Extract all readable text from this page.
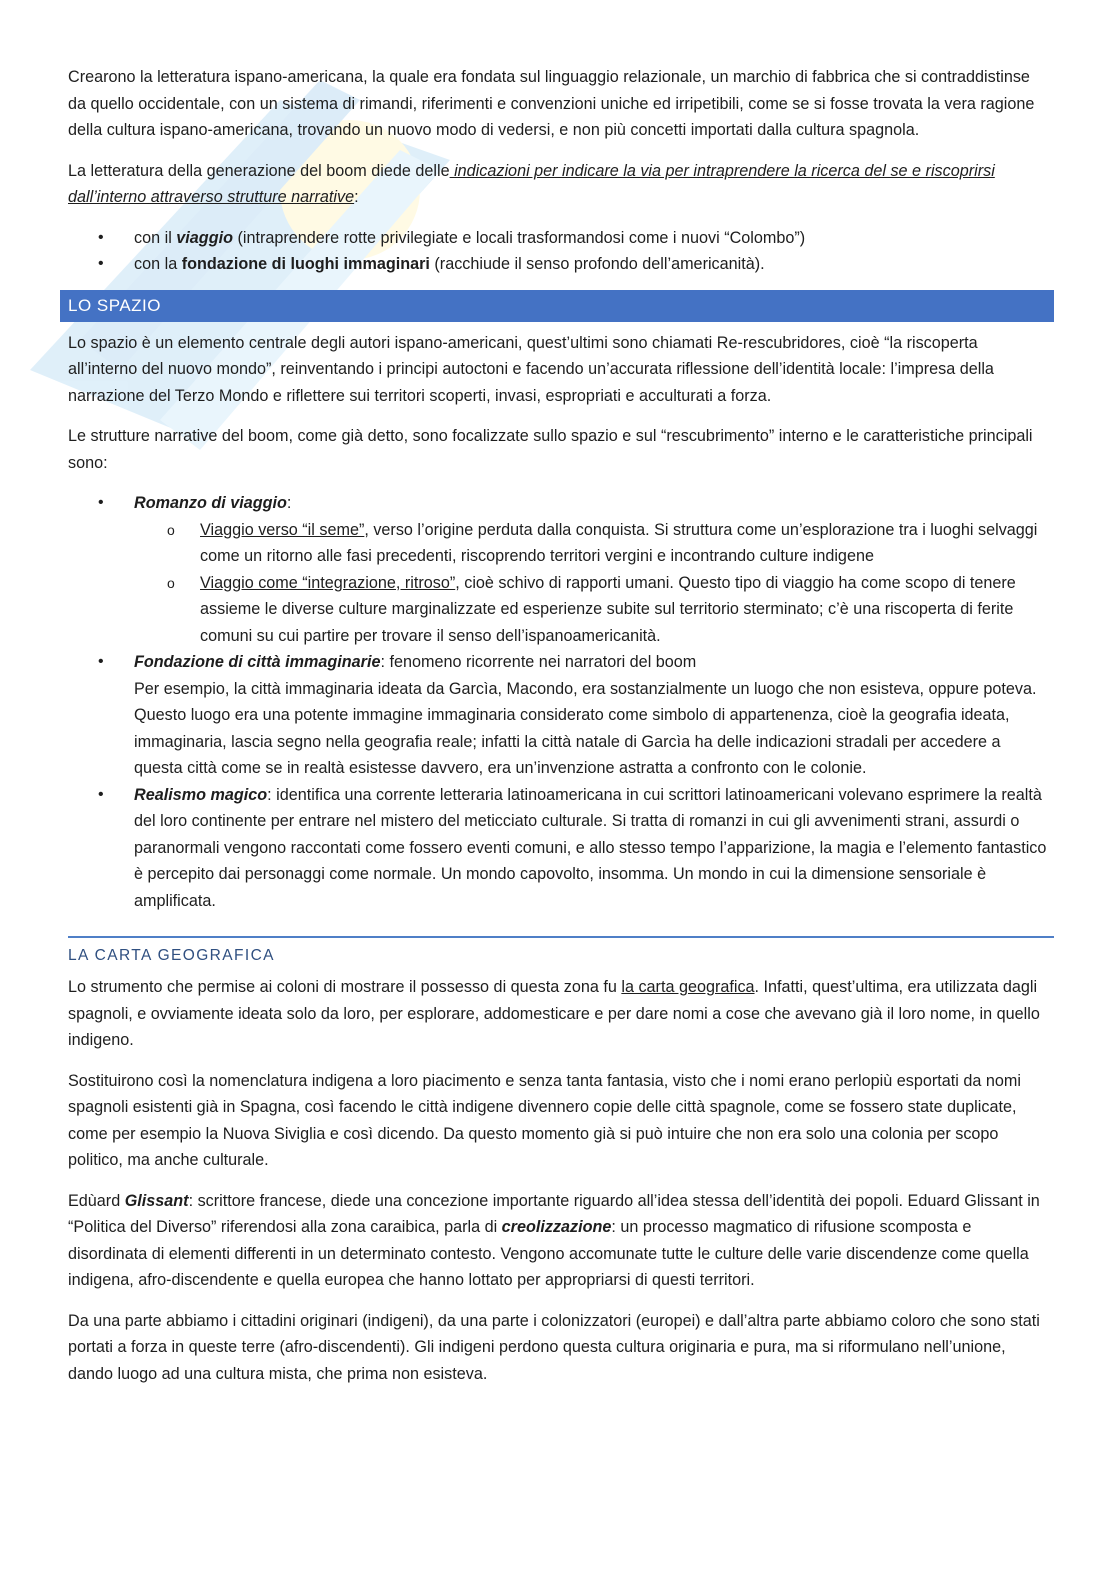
Crearono la letteratura ispano-americana, la quale era fondata sul linguaggio relazionale, un marchio di fabbrica che si contraddistinse da quello occidentale, con un sistema di rimandi, riferimenti e convenzioni uniche ed irripetibili, come se si fosse trovata la vera ragione della cultura ispano-americana, trovando un nuovo modo di vedersi, e non più concetti importati dalla cultura spagnola.

La letteratura della generazione del boom diede delle indicazioni per indicare la via per intraprendere la ricerca del se e riscoprirsi dall’interno attraverso strutture narrative:

• con il viaggio (intraprendere rotte privilegiate e locali trasformandosi come i nuovi “Colombo”)
• con la fondazione di luoghi immaginari (racchiude il senso profondo dell’americanità).
LO SPAZIO

Lo spazio è un elemento centrale degli autori ispano-americani, quest’ultimi sono chiamati Re-rescubridores, cioè “la riscoperta all’interno del nuovo mondo”, reinventando i principi autoctoni e facendo un’accurata riflessione dell’identità locale: l’impresa della narrazione del Terzo Mondo e riflettere sui territori scoperti, invasi, espropriati e acculturati a forza.

Le strutture narrative del boom, come già detto, sono focalizzate sullo spazio e sul “rescubrimento” interno e le caratteristiche principali sono:

• Romanzo di viaggio:
o Viaggio verso “il seme”, verso l’origine perduta dalla conquista. Si struttura come un’esplorazione tra i luoghi selvaggi come un ritorno alle fasi precedenti, riscoprendo territori vergini e incontrando culture indigene
o Viaggio come “integrazione, ritroso”, cioè schivo di rapporti umani. Questo tipo di viaggio ha come scopo di tenere assieme le diverse culture marginalizzate ed esperienze subite sul territorio sterminato; c’è una riscoperta di ferite comuni su cui partire per trovare il senso dell’ispanoamericanità.
• Fondazione di città immaginarie: fenomeno ricorrente nei narratori del boom
Per esempio, la città immaginaria ideata da Garcìa, Macondo, era sostanzialmente un luogo che non esisteva, oppure poteva. Questo luogo era una potente immagine immaginaria considerato come simbolo di appartenenza, cioè la geografia ideata, immaginaria, lascia segno nella geografia reale; infatti la città natale di Garcìa ha delle indicazioni stradali per accedere a questa città come se in realtà esistesse davvero, era un’invenzione astratta a confronto con le colonie.
• Realismo magico: identifica una corrente letteraria latinoamericana in cui scrittori latinoamericani volevano esprimere la realtà del loro continente per entrare nel mistero del meticciato culturale. Si tratta di romanzi in cui gli avvenimenti strani, assurdi o paranormali vengono raccontati come fossero eventi comuni, e allo stesso tempo l’apparizione, la magia e l’elemento fantastico è percepito dai personaggi come normale. Un mondo capovolto, insomma. Un mondo in cui la dimensione sensoriale è amplificata.
LA CARTA GEOGRAFICA

Lo strumento che permise ai coloni di mostrare il possesso di questa zona fu la carta geografica. Infatti, quest’ultima, era utilizzata dagli spagnoli, e ovviamente ideata solo da loro, per esplorare, addomesticare e per dare nomi a cose che avevano già il loro nome, in quello indigeno.

Sostituirono così la nomenclatura indigena a loro piacimento e senza tanta fantasia, visto che i nomi erano perlopiù esportati da nomi spagnoli esistenti già in Spagna, così facendo le città indigene divennero copie delle città spagnole, come se fossero state duplicate, come per esempio la Nuova Siviglia e così dicendo. Da questo momento già si può intuire che non era solo una colonia per scopo politico, ma anche culturale.

Edùard Glissant: scrittore francese, diede una concezione importante riguardo all’idea stessa dell’identità dei popoli. Eduard Glissant in “Politica del Diverso” riferendosi alla zona caraibica, parla di creolizzazione: un processo magmatico di rifusione scomposta e disordinata di elementi differenti in un determinato contesto. Vengono accomunate tutte le culture delle varie discendenze come quella indigena, afro-discendente e quella europea che hanno lottato per appropriarsi di questi territori.

Da una parte abbiamo i cittadini originari (indigeni), da una parte i colonizzatori (europei) e dall’altra parte abbiamo coloro che sono stati portati a forza in queste terre (afro-discendenti). Gli indigeni perdono questa cultura originaria e pura, ma si riformulano nell’unione, dando luogo ad una cultura mista, che prima non esisteva.
